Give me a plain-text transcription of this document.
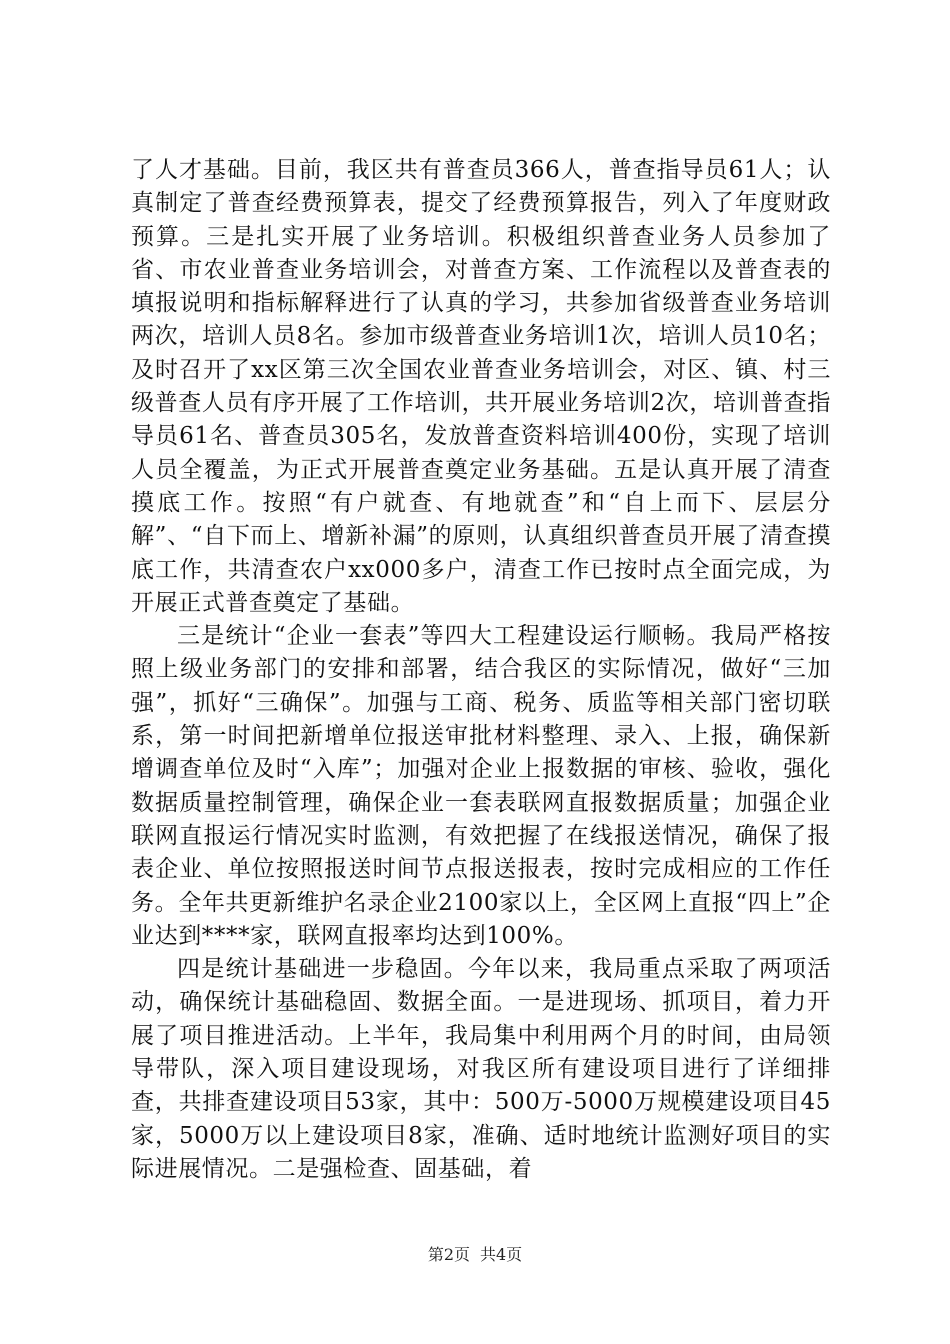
了人才基础。目前，我区共有普查员366人，普查指导员61人；认真制定了普查经费预算表，提交了经费预算报告，列入了年度财政预算。三是扎实开展了业务培训。积极组织普查业务人员参加了省、市农业普查业务培训会，对普查方案、工作流程以及普查表的填报说明和指标解释进行了认真的学习，共参加省级普查业务培训两次，培训人员8名。参加市级普查业务培训1次，培训人员10名；及时召开了xx区第三次全国农业普查业务培训会，对区、镇、村三级普查人员有序开展了工作培训，共开展业务培训2次，培训普查指导员61名、普查员305名，发放普查资料培训400份，实现了培训人员全覆盖，为正式开展普查奠定业务基础。五是认真开展了清查摸底工作。按照“有户就查、有地就查”和“自上而下、层层分解”、“自下而上、增新补漏”的原则，认真组织普查员开展了清查摸底工作，共清查农户xx000多户，清查工作已按时点全面完成，为开展正式普查奠定了基础。

三是统计“企业一套表”等四大工程建设运行顺畅。我局严格按照上级业务部门的安排和部署，结合我区的实际情况，做好“三加强”，抓好“三确保”。加强与工商、税务、质监等相关部门密切联系，第一时间把新增单位报送审批材料整理、录入、上报，确保新增调查单位及时“入库”；加强对企业上报数据的审核、验收，强化数据质量控制管理，确保企业一套表联网直报数据质量；加强企业联网直报运行情况实时监测，有效把握了在线报送情况，确保了报表企业、单位按照报送时间节点报送报表，按时完成相应的工作任务。全年共更新维护名录企业2100家以上，全区网上直报“四上”企业达到****家，联网直报率均达到100%。

四是统计基础进一步稳固。今年以来，我局重点采取了两项活动，确保统计基础稳固、数据全面。一是进现场、抓项目，着力开展了项目推进活动。上半年，我局集中利用两个月的时间，由局领导带队，深入项目建设现场，对我区所有建设项目进行了详细排查，共排查建设项目53家，其中：500万-5000万规模建设项目45家，5000万以上建设项目8家，准确、适时地统计监测好项目的实际进展情况。二是强检查、固基础，着

第2页 共4页
